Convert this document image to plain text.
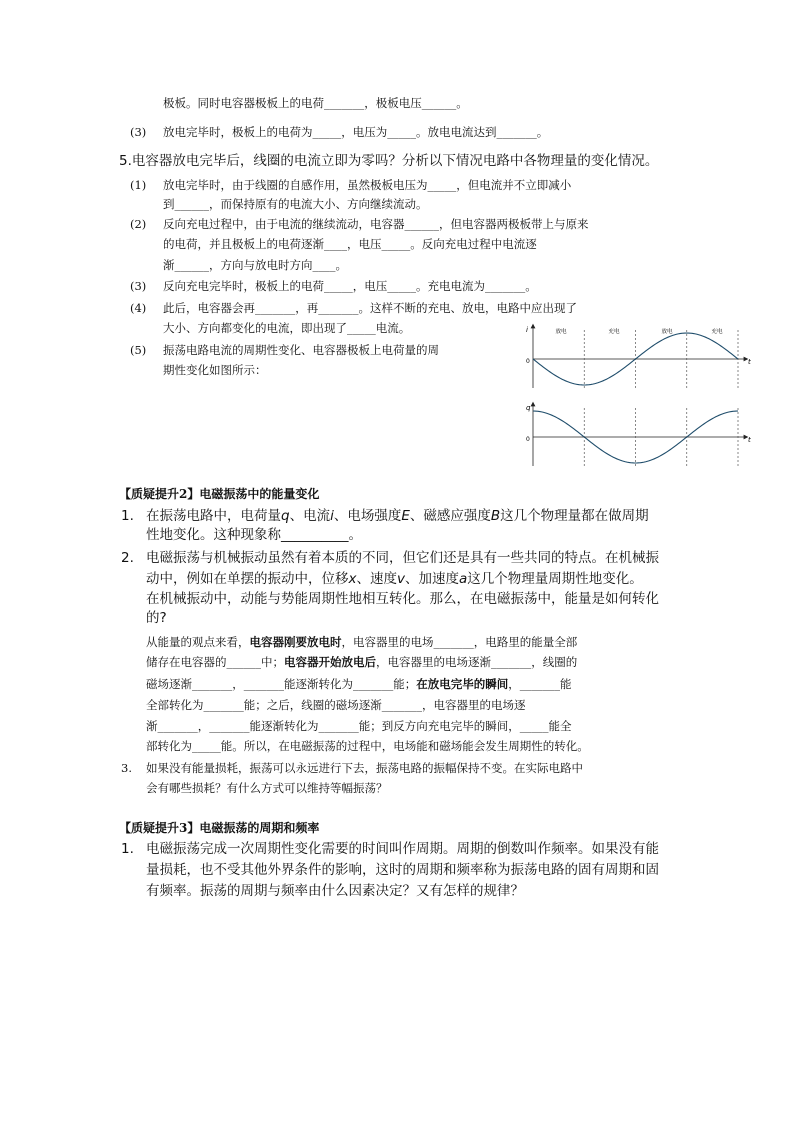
极板。同时电容器极板上的电荷_______，极板电压______。
(3) 放电完毕时，极板上的电荷为_____，电压为_____。放电电流达到_______。
5.电容器放电完毕后，线圈的电流立即为零吗？分析以下情况电路中各物理量的变化情况。
(1) 放电完毕时，由于线圈的自感作用，虽然极板电压为_____，但电流并不立即减小
到______，而保持原有的电流大小、方向继续流动。
(2) 反向充电过程中，由于电流的继续流动，电容器______，但电容器两极板带上与原来
的电荷，并且极板上的电荷逐渐____，电压_____。反向充电过程中电流逐
渐______，方向与放电时方向____。
(3) 反向充电完毕时，极板上的电荷_____，电压_____。充电电流为_______。
(4) 此后，电容器会再_______，再_______。这样不断的充电、放电，电路中应出现了
大小、方向都变化的电流，即出现了_____电流。
(5) 振荡电路电流的周期性变化、电容器极板上电荷量的周
期性变化如图所示：
i
t
0
放电	充电	放电	充电
q
t
0
【质疑提升2】电磁振荡中的能量变化
1. 在振荡电路中，电荷量q、电流i、电场强度E、磁感应强度B这几个物理量都在做周期
性地变化。这种现象称__________。
2. 电磁振荡与机械振动虽然有着本质的不同，但它们还是具有一些共同的特点。在机械振
动中，例如在单摆的振动中，位移x、速度v、加速度a这几个物理量周期性地变化。
在机械振动中，动能与势能周期性地相互转化。那么，在电磁振荡中，能量是如何转化
的?
从能量的观点来看，电容器刚要放电时，电容器里的电场_______，电路里的能量全部
储存在电容器的______中；电容器开始放电后，电容器里的电场逐渐_______，线圈的
磁场逐渐_______，_______能逐渐转化为_______能；在放电完毕的瞬间，_______能
全部转化为_______能；之后，线圈的磁场逐渐_______，电容器里的电场逐
渐_______，_______能逐渐转化为_______能；到反方向充电完毕的瞬间，_____能全
部转化为_____能。所以，在电磁振荡的过程中，电场能和磁场能会发生周期性的转化。
3. 如果没有能量损耗，振荡可以永远进行下去，振荡电路的振幅保持不变。在实际电路中
会有哪些损耗？有什么方式可以维持等幅振荡？
【质疑提升3】电磁振荡的周期和频率
1. 电磁振荡完成一次周期性变化需要的时间叫作周期。周期的倒数叫作频率。如果没有能
量损耗，也不受其他外界条件的影响，这时的周期和频率称为振荡电路的固有周期和固
有频率。振荡的周期与频率由什么因素决定？又有怎样的规律？
